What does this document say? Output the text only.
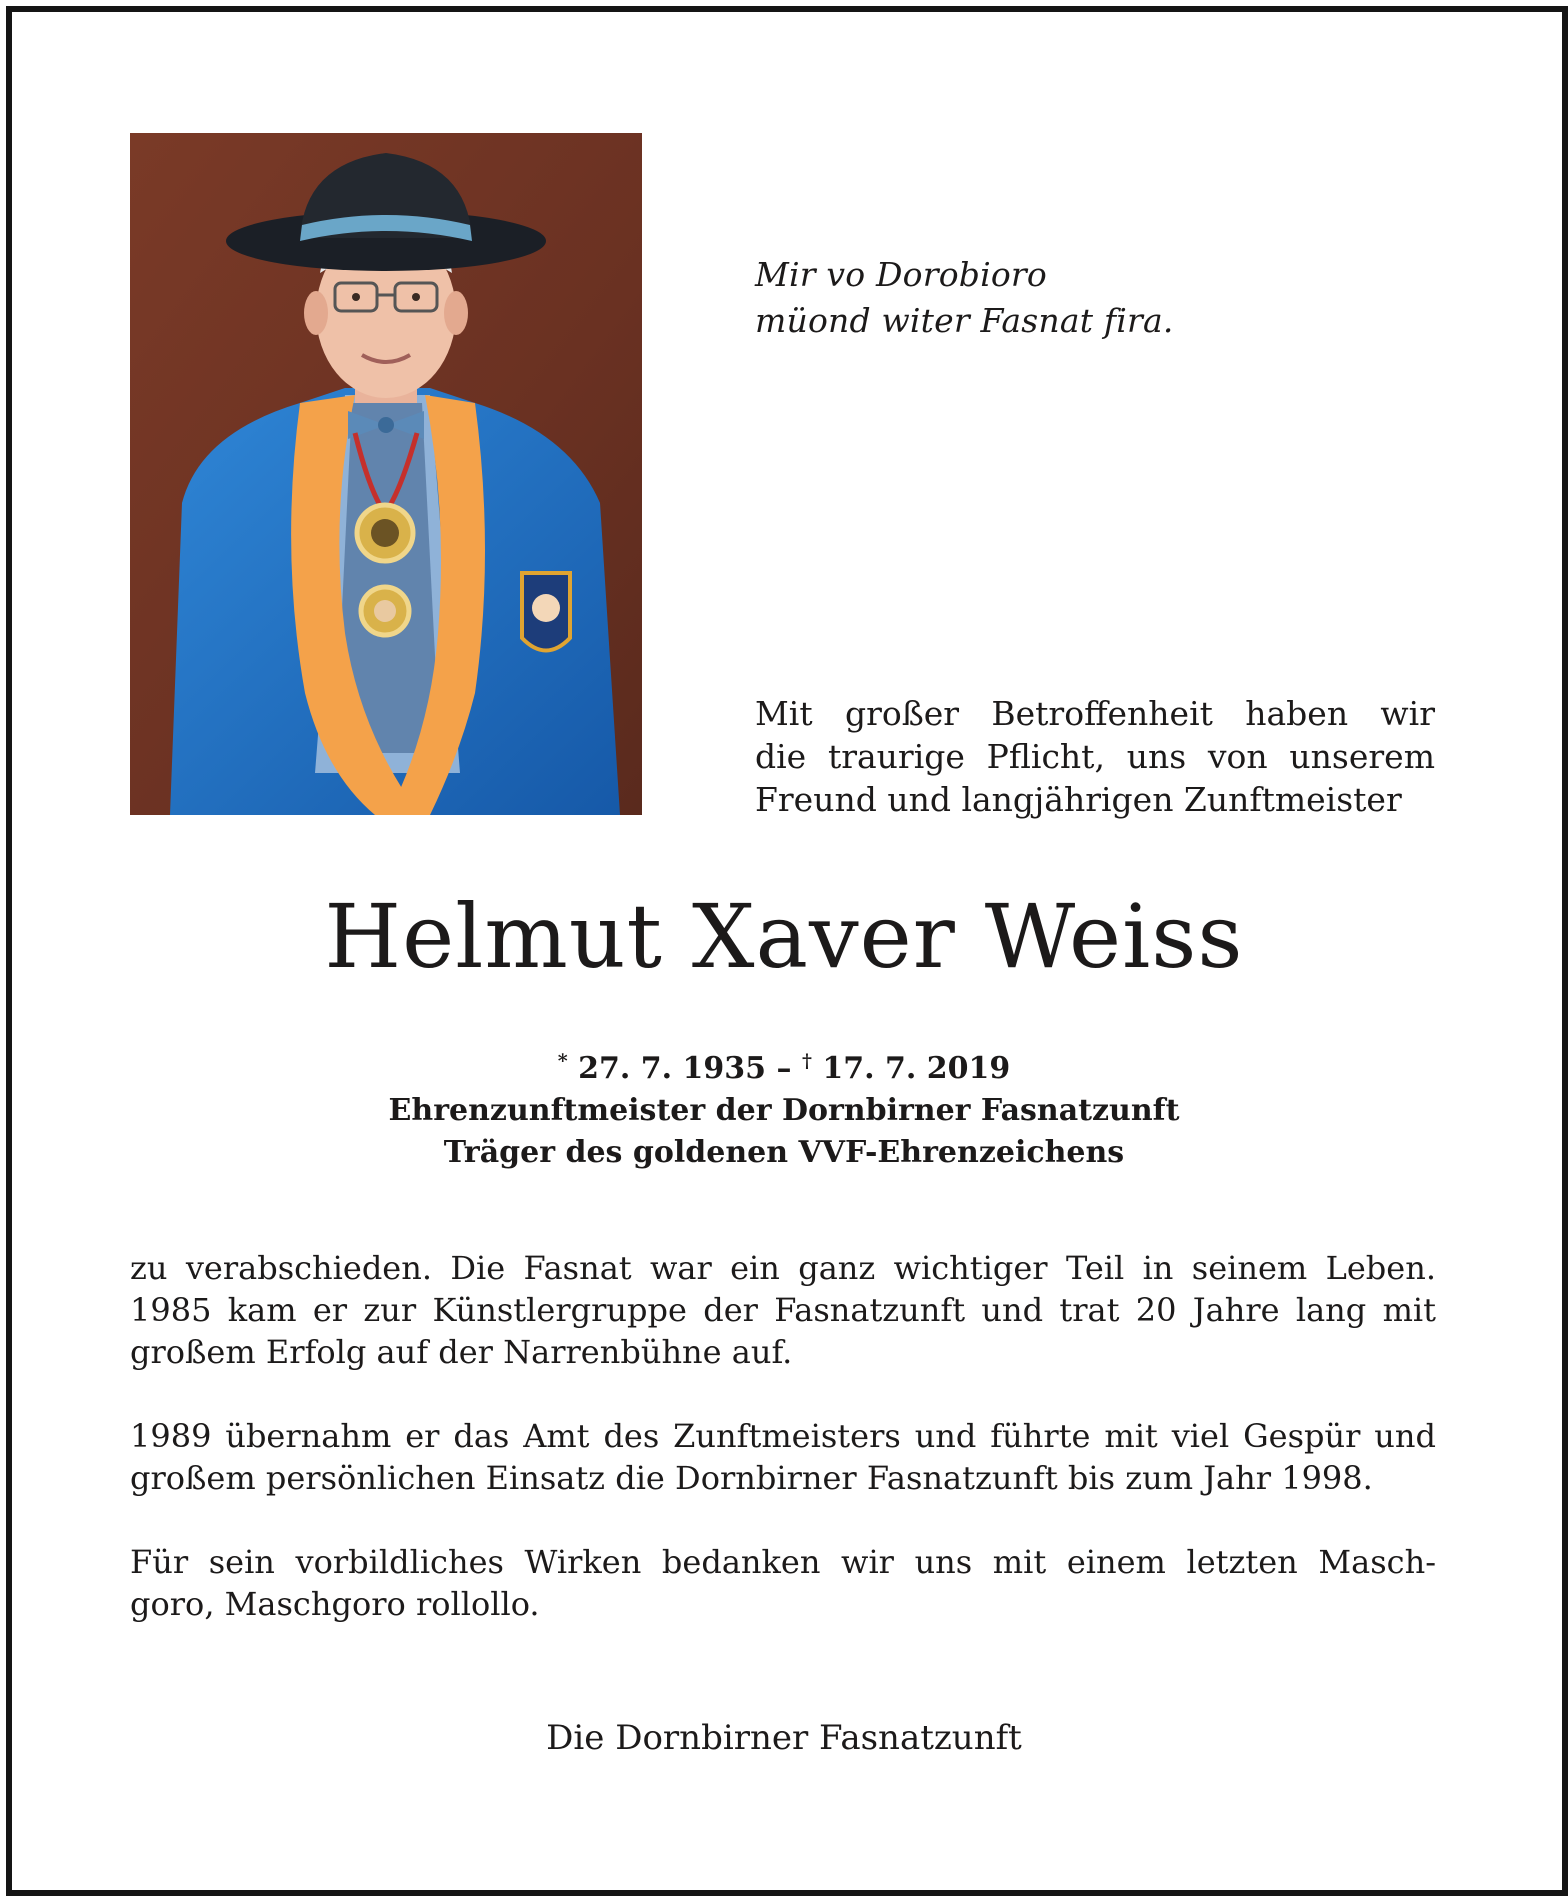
Mir vo Dorobioro
müond witer Fasnat fira.
Mit großer Betroffenheit haben wir
die traurige Pflicht, uns von unserem
Freund und langjährigen Zunftmeister
Helmut Xaver Weiss
* 27. 7. 1935 – † 17. 7. 2019
Ehrenzunftmeister der Dornbirner Fasnatzunft
Träger des goldenen VVF-Ehrenzeichens
zu verabschieden. Die Fasnat war ein ganz wichtiger Teil in seinem Leben.
1985 kam er zur Künstlergruppe der Fasnatzunft und trat 20 Jahre lang mit
großem Erfolg auf der Narrenbühne auf.
1989 übernahm er das Amt des Zunftmeisters und führte mit viel Gespür und
großem persönlichen Einsatz die Dornbirner Fasnatzunft bis zum Jahr 1998.
Für sein vorbildliches Wirken bedanken wir uns mit einem letzten Masch-
goro, Maschgoro rollollo.
Die Dornbirner Fasnatzunft
